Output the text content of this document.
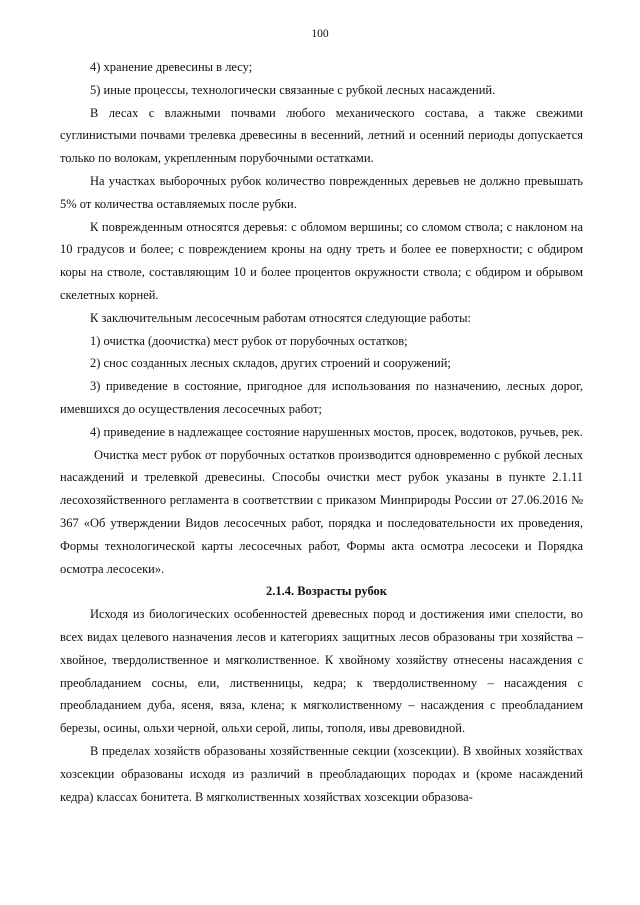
100

4) хранение древесины в лесу;

5) иные процессы, технологически связанные с рубкой лесных насаждений.

В лесах с влажными почвами любого механического состава, а также свежими суглинистыми почвами трелевка древесины в весенний, летний и осенний периоды допускается только по волокам, укрепленным порубочными остатками.

На участках выборочных рубок количество поврежденных деревьев не должно превышать 5% от количества оставляемых после рубки.

К поврежденным относятся деревья: с обломом вершины; со сломом ствола; с наклоном на 10 градусов и более; с повреждением кроны на одну треть и более ее поверхности; с обдиром коры на стволе, составляющим 10 и более процентов окружности ствола; с обдиром и обрывом скелетных корней.

К заключительным лесосечным работам относятся следующие работы:

1) очистка (доочистка) мест рубок от порубочных остатков;

2) снос созданных лесных складов, других строений и сооружений;

3) приведение в состояние, пригодное для использования по назначению, лесных дорог, имевшихся до осуществления лесосечных работ;

4) приведение в надлежащее состояние нарушенных мостов, просек, водотоков, ручьев, рек.

Очистка мест рубок от порубочных остатков производится одновременно с рубкой лесных насаждений и трелевкой древесины. Способы очистки мест рубок указаны в пункте 2.1.11 лесохозяйственного регламента в соответствии с приказом Минприроды России от 27.06.2016 № 367 «Об утверждении Видов лесосечных работ, порядка и последовательности их проведения, Формы технологической карты лесосечных работ, Формы акта осмотра лесосеки и Порядка осмотра лесосеки».

2.1.4. Возрасты рубок

Исходя из биологических особенностей древесных пород и достижения ими спелости, во всех видах целевого назначения лесов и категориях защитных лесов образованы три хозяйства – хвойное, твердолиственное и мягколиственное. К хвойному хозяйству отнесены насаждения с преобладанием сосны, ели, лиственницы, кедра; к твердолиственному – насаждения с преобладанием дуба, ясеня, вяза, клена; к мягколиственному – насаждения с преобладанием березы, осины, ольхи черной, ольхи серой, липы, тополя, ивы древовидной.

В пределах хозяйств образованы хозяйственные секции (хозсекции). В хвойных хозяйствах хозсекции образованы исходя из различий в преобладающих породах и (кроме насаждений кедра) классах бонитета. В мягколиственных хозяйствах хозсекции образова-
